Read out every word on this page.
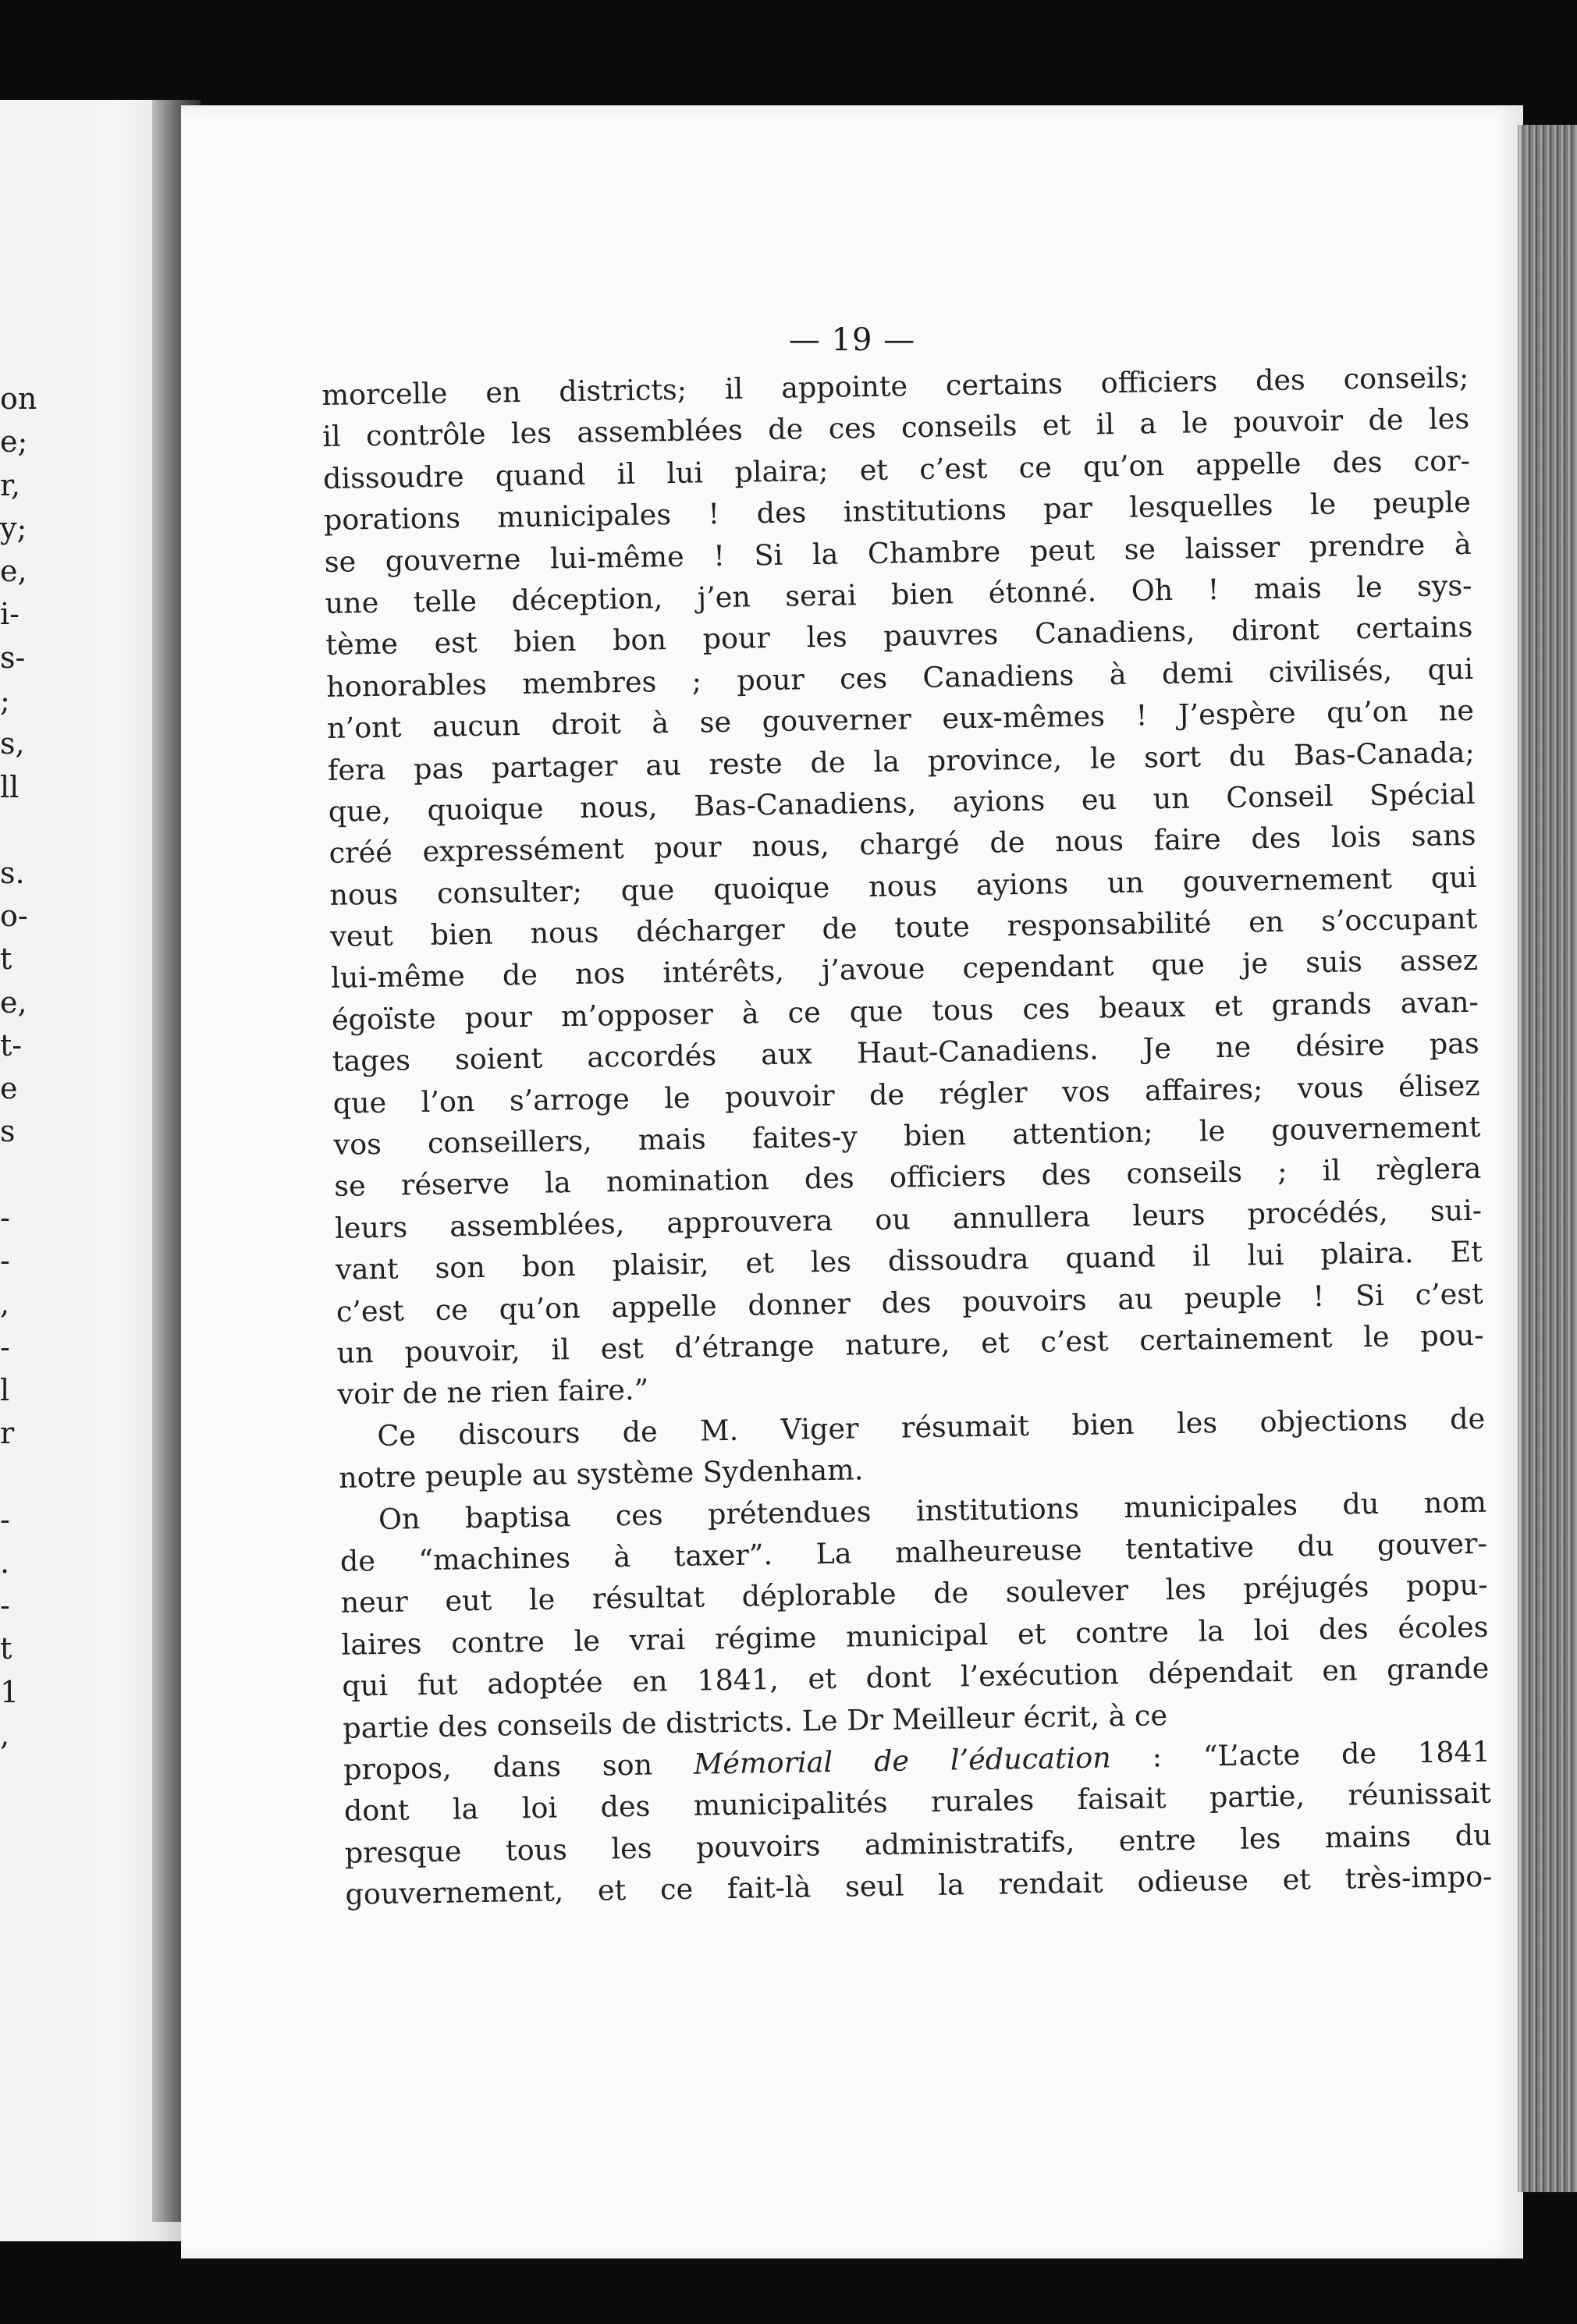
on
e;
r,
y;
e,
i-
s-
;
s,
ll
s.
o-
t
e,
t-
e
s
-
-
,
-
l
r
-
.
-
t
1
,
— 19 —
morcelle en districts; il appointe certains officiers des conseils;
il contrôle les assemblées de ces conseils et il a le pouvoir de les
dissoudre quand il lui plaira; et c’est ce qu’on appelle des cor-
porations municipales ! des institutions par lesquelles le peuple
se gouverne lui-même ! Si la Chambre peut se laisser prendre à
une telle déception, j’en serai bien étonné. Oh ! mais le sys-
tème est bien bon pour les pauvres Canadiens, diront certains
honorables membres ; pour ces Canadiens à demi civilisés, qui
n’ont aucun droit à se gouverner eux-mêmes ! J’espère qu’on ne
fera pas partager au reste de la province, le sort du Bas-Canada;
que, quoique nous, Bas-Canadiens, ayions eu un Conseil Spécial
créé expressément pour nous, chargé de nous faire des lois sans
nous consulter; que quoique nous ayions un gouvernement qui
veut bien nous décharger de toute responsabilité en s’occupant
lui-même de nos intérêts, j’avoue cependant que je suis assez
égoïste pour m’opposer à ce que tous ces beaux et grands avan-
tages soient accordés aux Haut-Canadiens. Je ne désire pas
que l’on s’arroge le pouvoir de régler vos affaires; vous élisez
vos conseillers, mais faites-y bien attention; le gouvernement
se réserve la nomination des officiers des conseils ; il règlera
leurs assemblées, approuvera ou annullera leurs procédés, sui-
vant son bon plaisir, et les dissoudra quand il lui plaira. Et
c’est ce qu’on appelle donner des pouvoirs au peuple ! Si c’est
un pouvoir, il est d’étrange nature, et c’est certainement le pou-
voir de ne rien faire.”
Ce discours de M. Viger résumait bien les objections de
notre peuple au système Sydenham.
On baptisa ces prétendues institutions municipales du nom
de “machines à taxer”. La malheureuse tentative du gouver-
neur eut le résultat déplorable de soulever les préjugés popu-
laires contre le vrai régime municipal et contre la loi des écoles
qui fut adoptée en 1841, et dont l’exécution dépendait en grande
partie des conseils de districts. Le Dr Meilleur écrit, à ce
propos, dans son Mémorial de l’éducation : “L’acte de 1841
dont la loi des municipalités rurales faisait partie, réunissait
presque tous les pouvoirs administratifs, entre les mains du
gouvernement, et ce fait-là seul la rendait odieuse et très-impo-
